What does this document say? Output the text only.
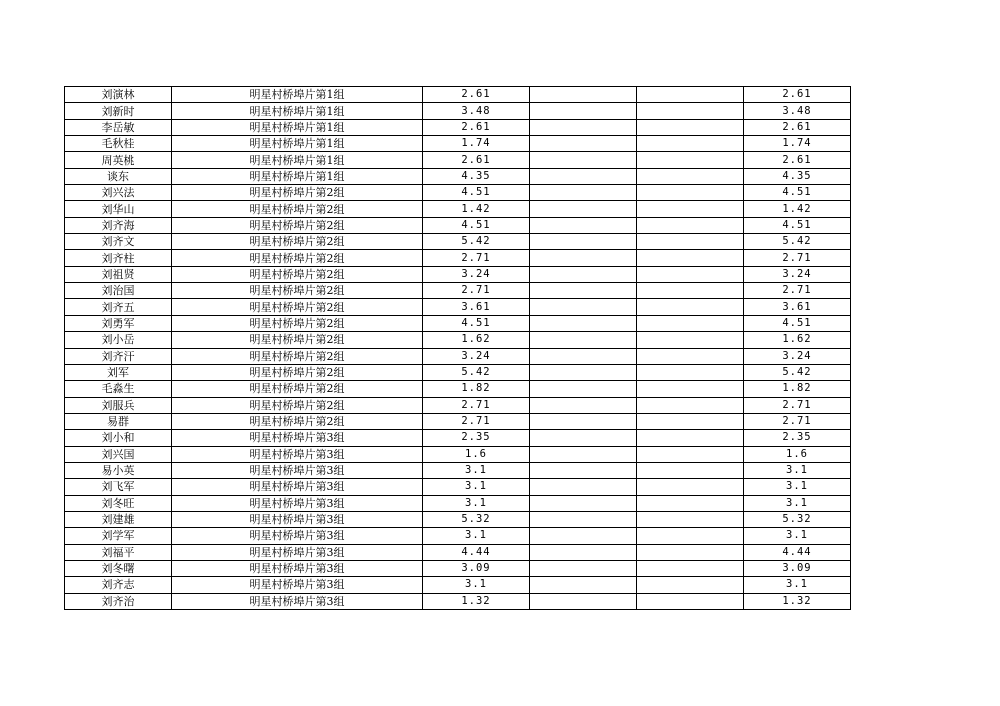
刘演林	明星村桥埠片第1组	2.61			2.61
刘新时	明星村桥埠片第1组	3.48			3.48
李岳敏	明星村桥埠片第1组	2.61			2.61
毛秋桂	明星村桥埠片第1组	1.74			1.74
周英桃	明星村桥埠片第1组	2.61			2.61
谈东	明星村桥埠片第1组	4.35			4.35
刘兴法	明星村桥埠片第2组	4.51			4.51
刘华山	明星村桥埠片第2组	1.42			1.42
刘齐海	明星村桥埠片第2组	4.51			4.51
刘齐文	明星村桥埠片第2组	5.42			5.42
刘齐柱	明星村桥埠片第2组	2.71			2.71
刘祖贤	明星村桥埠片第2组	3.24			3.24
刘治国	明星村桥埠片第2组	2.71			2.71
刘齐五	明星村桥埠片第2组	3.61			3.61
刘勇军	明星村桥埠片第2组	4.51			4.51
刘小岳	明星村桥埠片第2组	1.62			1.62
刘齐汗	明星村桥埠片第2组	3.24			3.24
刘军	明星村桥埠片第2组	5.42			5.42
毛淼生	明星村桥埠片第2组	1.82			1.82
刘服兵	明星村桥埠片第2组	2.71			2.71
易群	明星村桥埠片第2组	2.71			2.71
刘小和	明星村桥埠片第3组	2.35			2.35
刘兴国	明星村桥埠片第3组	1.6			1.6
易小英	明星村桥埠片第3组	3.1			3.1
刘飞军	明星村桥埠片第3组	3.1			3.1
刘冬旺	明星村桥埠片第3组	3.1			3.1
刘建雄	明星村桥埠片第3组	5.32			5.32
刘学军	明星村桥埠片第3组	3.1			3.1
刘福平	明星村桥埠片第3组	4.44			4.44
刘冬曙	明星村桥埠片第3组	3.09			3.09
刘齐志	明星村桥埠片第3组	3.1			3.1
刘齐治	明星村桥埠片第3组	1.32			1.32
